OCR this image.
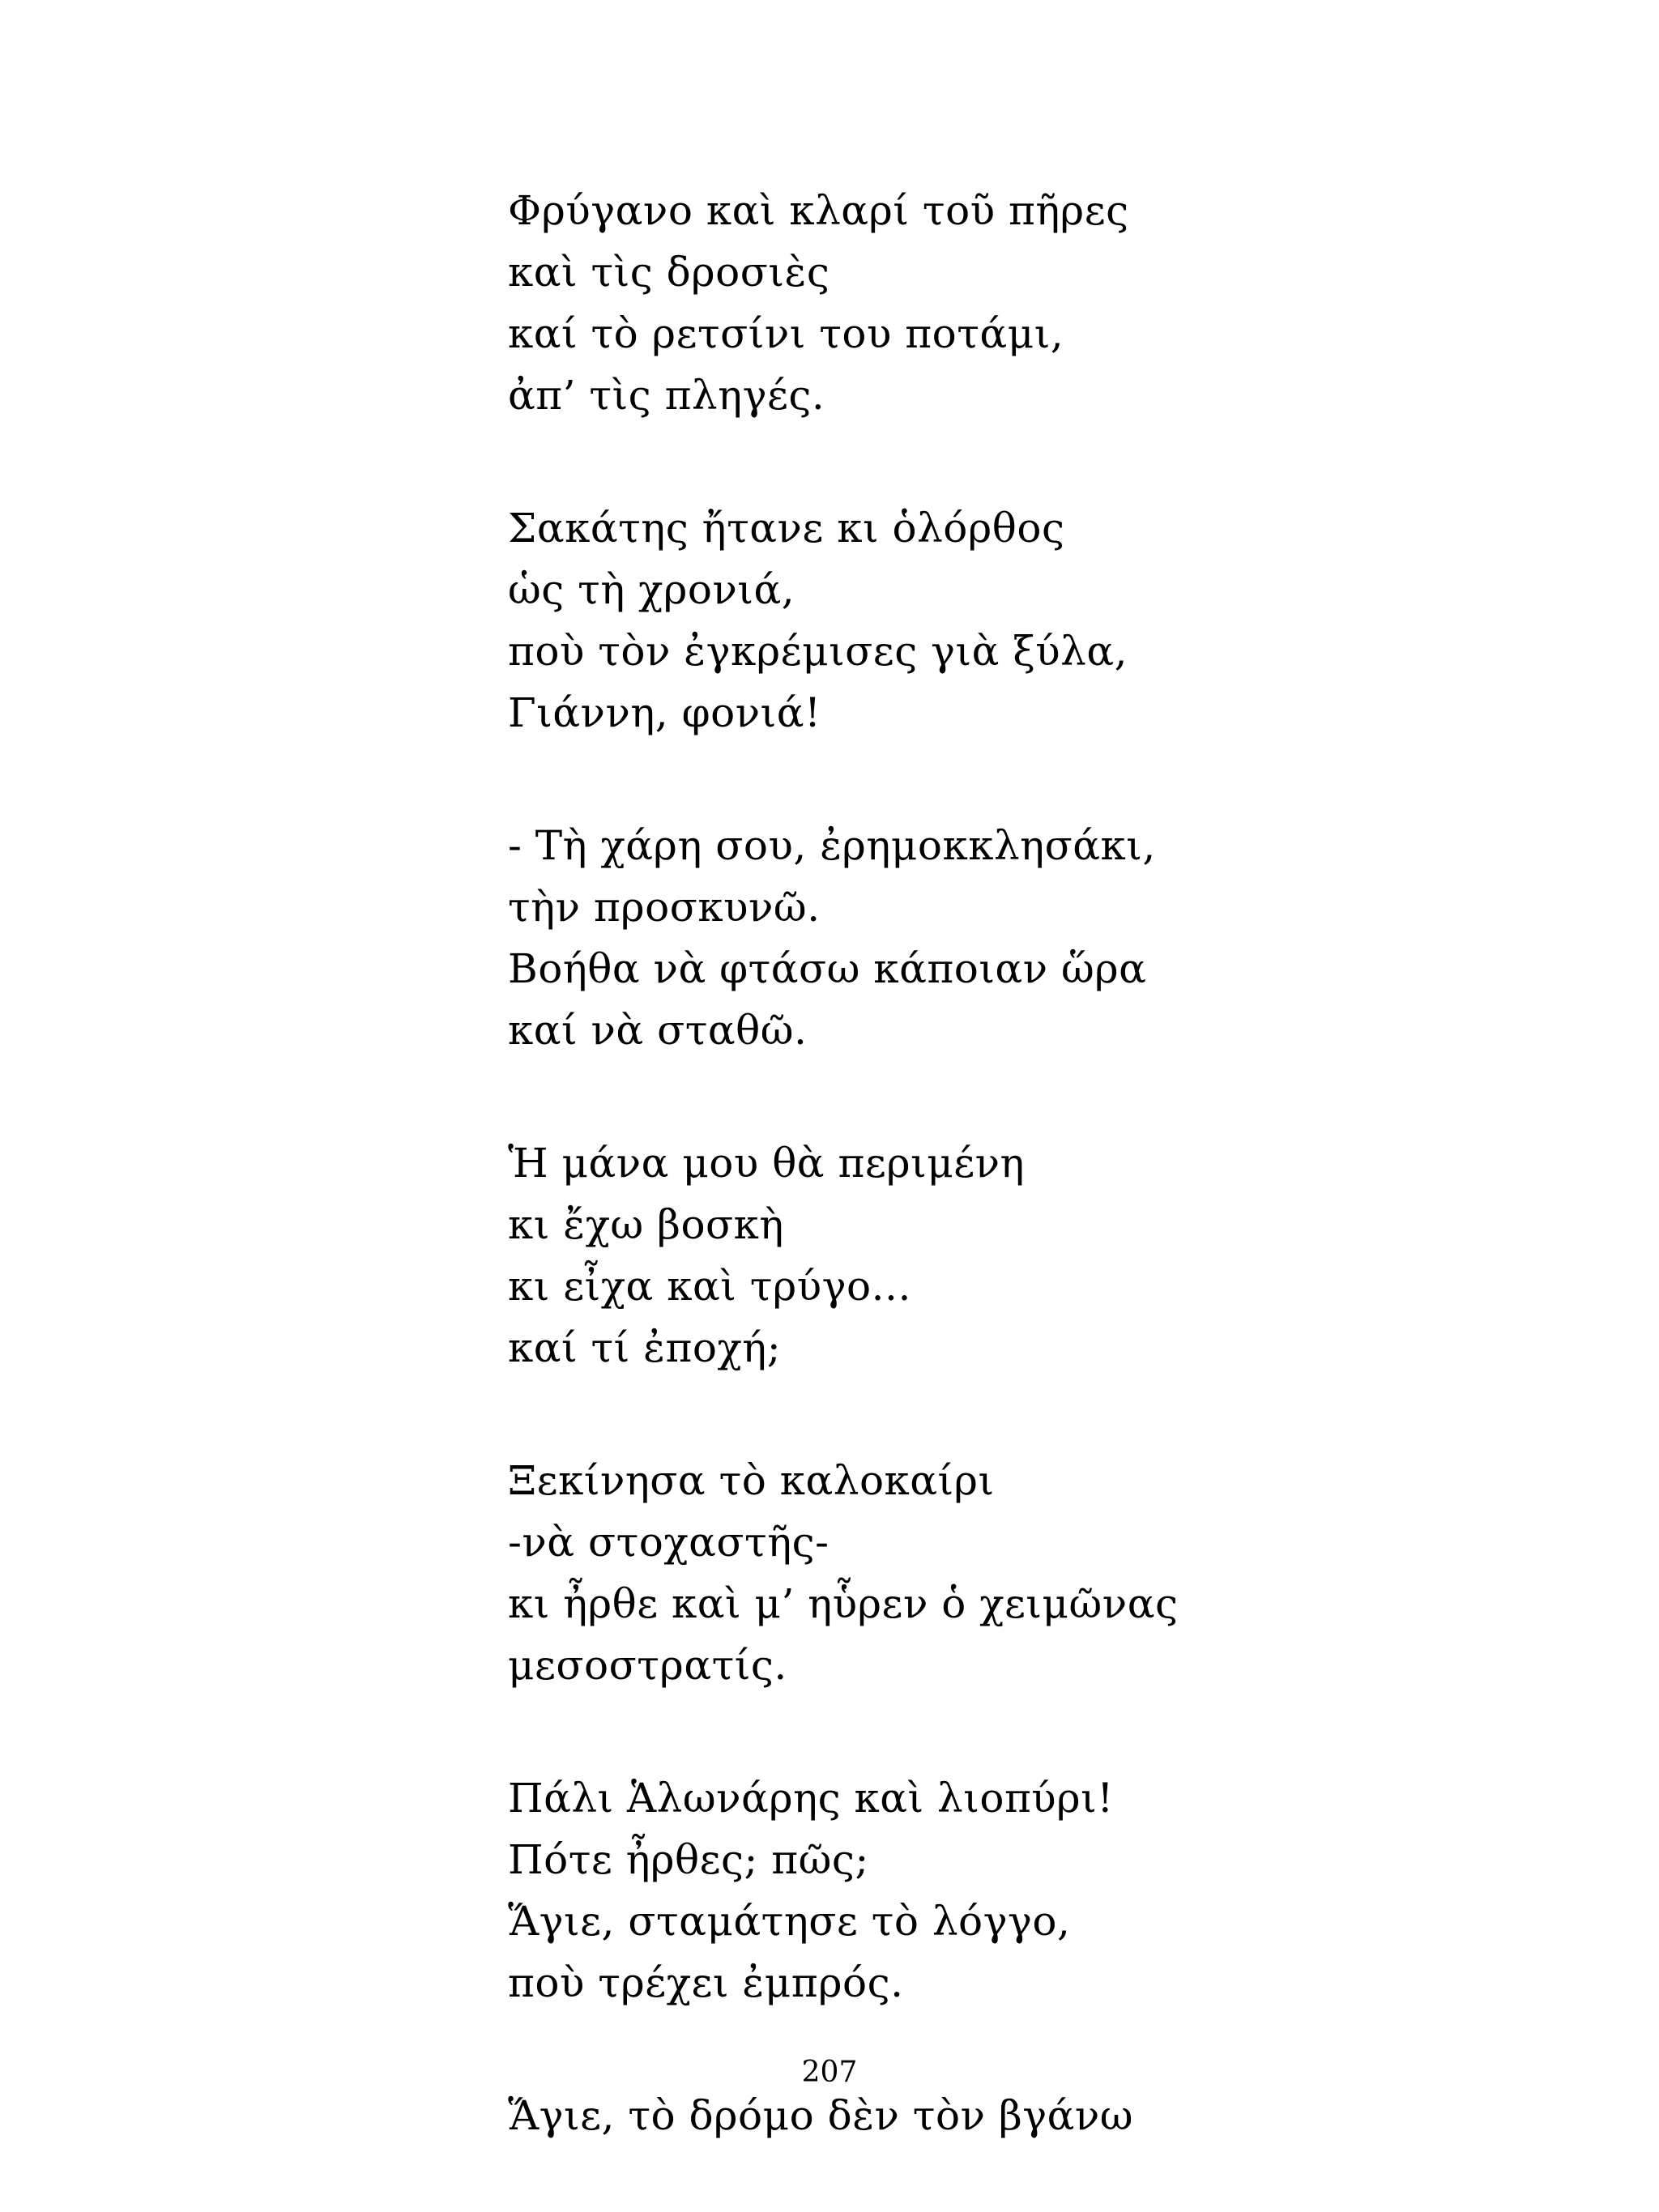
Φρύγανο καὶ κλαρί τοῦ πῆρες
καὶ τὶς δροσιὲς
καί τὸ ρετσίνι του ποτάμι,
ἀπ’ τὶς πληγές.
Σακάτης ἤτανε κι ὁλόρθος
ὡς τὴ χρονιά,
ποὺ τὸν ἐγκρέμισες γιὰ ξύλα,
Γιάννη, φονιά!
- Τὴ χάρη σου, ἐρημοκκλησάκι,
τὴν προσκυνῶ.
Βοήθα νὰ φτάσω κάποιαν ὥρα
καί νὰ σταθῶ.
Ἡ μάνα μου θὰ περιμένη
κι ἔχω βοσκὴ
κι εἶχα καὶ τρύγο...
καί τί ἐποχή;
Ξεκίνησα τὸ καλοκαίρι
-νὰ στοχαστῆς-
κι ἦρθε καὶ μ’ ηὗρεν ὁ χειμῶνας
μεσοστρατίς.
Πάλι Ἁλωνάρης καὶ λιοπύρι!
Πότε ἦρθες; πῶς;
Ἅγιε, σταμάτησε τὸ λόγγο,
ποὺ τρέχει ἐμπρός.
Ἅγιε, τὸ δρόμο δὲν τὸν βγάνω
207
